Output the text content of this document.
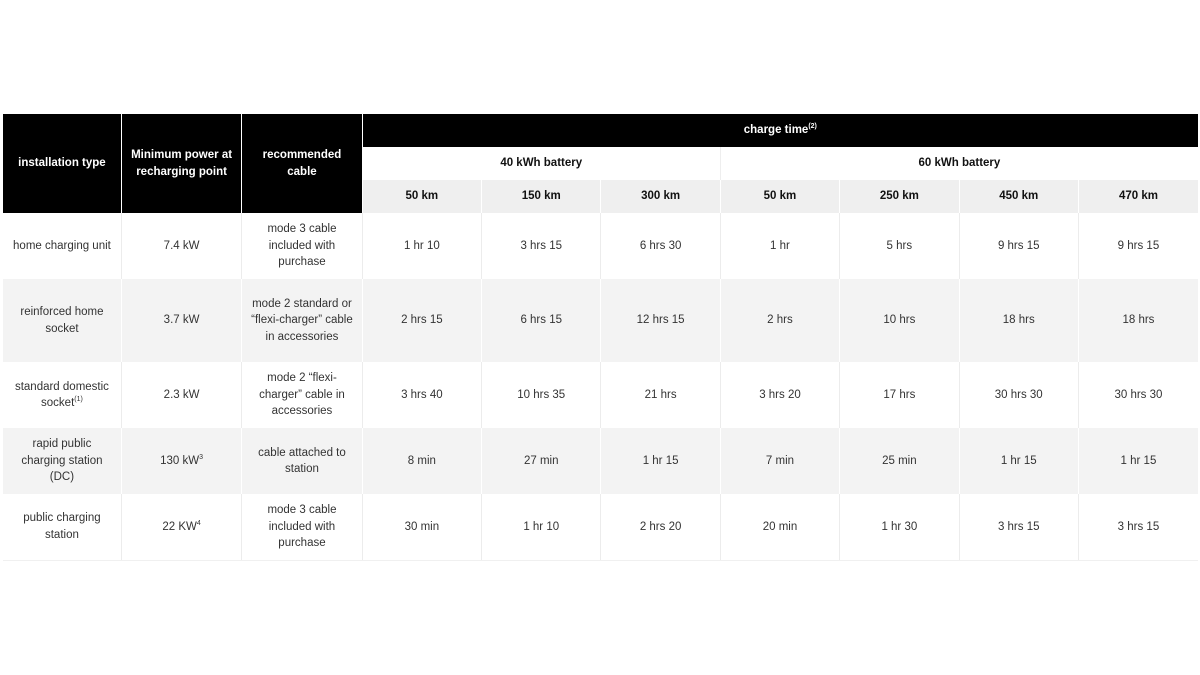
installation type	Minimum power at recharging point	recommended cable	charge time$^{(2)}$
			40 kWh battery			60 kWh battery			
			50 km	150 km	300 km	50 km	250 km	450 km	470 km
home charging unit	7.4 kW	mode 3 cable included with purchase	1 hr 10	3 hrs 15	6 hrs 30	1 hr	5 hrs	9 hrs 15	9 hrs 15
reinforced home socket	3.7 kW	mode 2 standard or “flexi-charger” cable in accessories	2 hrs 15	6 hrs 15	12 hrs 15	2 hrs	10 hrs	18 hrs	18 hrs
standard domestic socket$^{(1)}$	2.3 kW	mode 2 “flexi-charger” cable in accessories	3 hrs 40	10 hrs 35	21 hrs	3 hrs 20	17 hrs	30 hrs 30	30 hrs 30
rapid public charging station (DC)	130 $kW^3$	cable attached to station	8 min	27 min	1 hr 15	7 min	25 min	1 hr 15	1 hr 15
public charging station	22 $KW^4$	mode 3 cable included with purchase	30 min	1 hr 10	2 hrs 20	20 min	1 hr 30	3 hrs 15	3 hrs 15
